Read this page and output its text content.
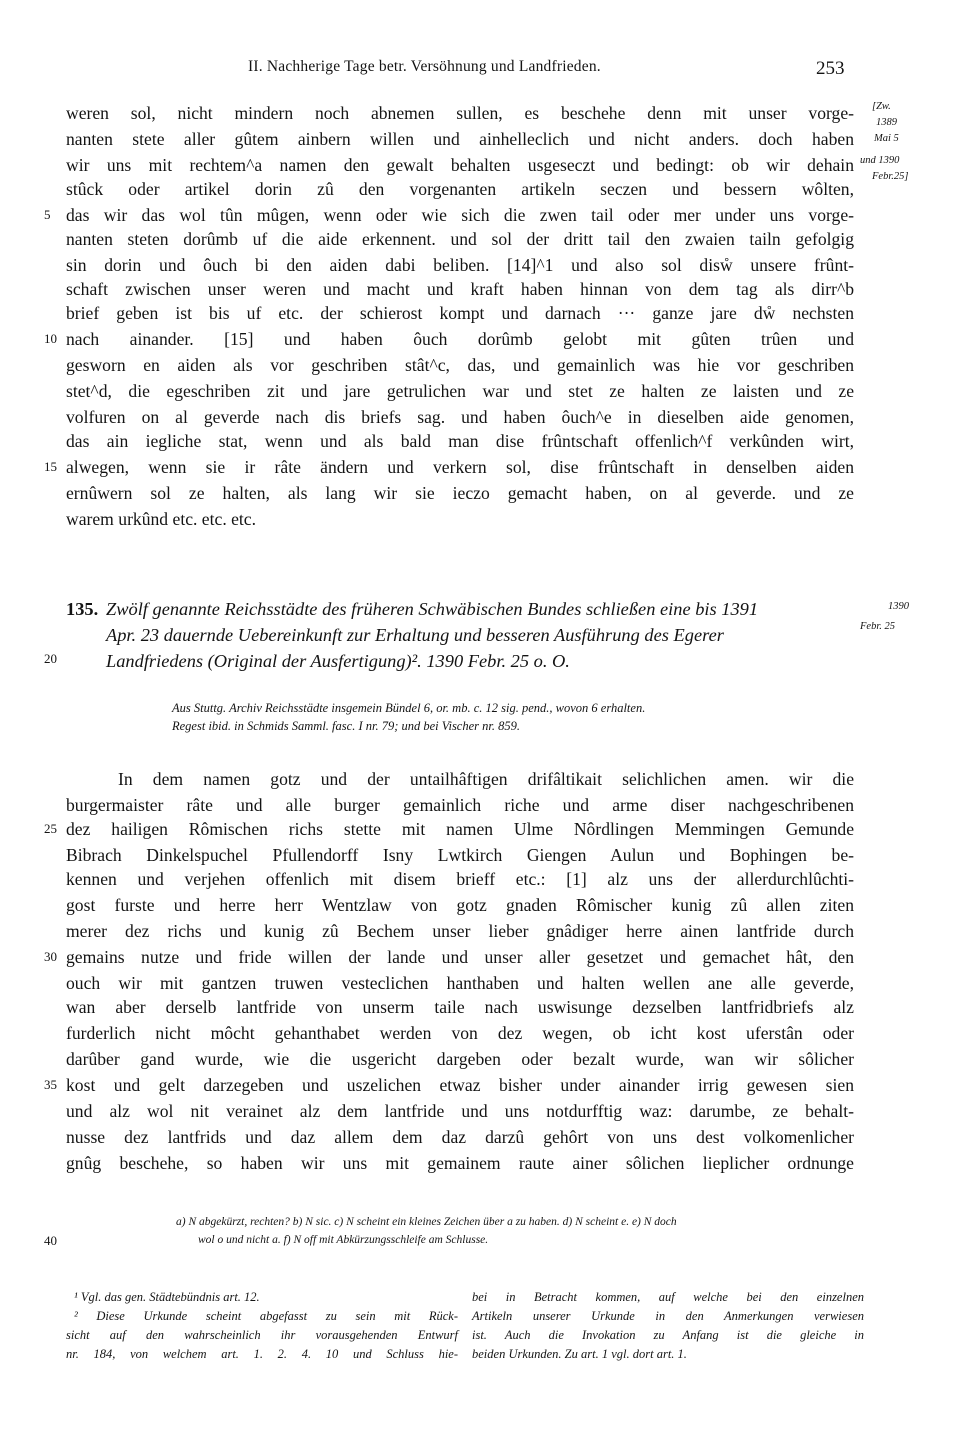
II. Nachherige Tage betr. Versöhnung und Landfrieden.	253
[Zw.
1389
Mai 5
und 1390
Febr.25]
5
10
15
20
25
30
35
40
weren sol, nicht mindern noch abnemen sullen, es beschehe denn mit unser vorge-
nanten stete aller gûtem ainbern willen und ainhelleclich und nicht anders. doch haben
wir uns mit rechtem^a namen den gewalt behalten usgeseczt und bedingt: ob wir dehain
stûck oder artikel dorin zû den vorgenanten artikeln seczen und bessern wôlten,
das wir das wol tûn mûgen, wenn oder wie sich die zwen tail oder mer under uns vorge-
nanten steten dorûmb uf die aide erkennent. und sol der dritt tail den zwaien tailn gefolgig
sin dorin und ôuch bi den aiden dabi beliben. [14]^1 und also sol disẘ unsere frûnt-
schaft zwischen unser weren und macht und kraft haben hinnan von dem tag als dirr^b
brief geben ist bis uf etc. der schierost kompt und darnach ··· ganze jare dẘ nechsten
nach ainander. [15] und haben ôuch dorûmb gelobt mit gûten trûen und
gesworn en aiden als vor geschriben stât^c, das, und gemainlich was hie vor geschriben
stet^d, die egeschriben zit und jare getrulichen war und stet ze halten ze laisten und ze
volfuren on al geverde nach dis briefs sag. und haben ôuch^e in dieselben aide genomen,
das ain iegliche stat, wenn und als bald man dise frûntschaft offenlich^f verkûnden wirt,
alwegen, wenn sie ir râte ändern und verkern sol, dise frûntschaft in denselben aiden
ernûwern sol ze halten, als lang wir sie ieczo gemacht haben, on al geverde. und ze
warem urkûnd etc. etc. etc.
135. Zwölf genannte Reichsstädte des früheren Schwäbischen Bundes schließen eine bis 1391
Apr. 23 dauernde Uebereinkunft zur Erhaltung und besseren Ausführung des Egerer
Landfriedens (Original der Ausfertigung)². 1390 Febr. 25 o. O.
1390
Febr. 25
Aus Stuttg. Archiv Reichsstädte insgemein Bündel 6, or. mb. c. 12 sig. pend., wovon 6 erhalten.
Regest ibid. in Schmids Samml. fasc. I nr. 79; und bei Vischer nr. 859.
In dem namen gotz und der untailhâftigen drifâltikait selichlichen amen. wir die
burgermaister râte und alle burger gemainlich riche und arme diser nachgeschribenen
dez hailigen Rômischen richs stette mit namen Ulme Nôrdlingen Memmingen Gemunde
Bibrach Dinkelspuchel Pfullendorff Isny Lwtkirch Giengen Aulun und Bophingen be-
kennen und verjehen offenlich mit disem brieff etc.: [1] alz uns der allerdurchlûchti-
gost furste und herre herr Wentzlaw von gotz gnaden Rômischer kunig zû allen ziten
merer dez richs und kunig zû Bechem unser lieber gnâdiger herre ainen lantfride durch
gemains nutze und fride willen der lande und unser aller gesetzet und gemachet hât, den
ouch wir mit gantzen truwen vesteclichen hanthaben und halten wellen ane alle geverde,
wan aber derselb lantfride von unserm taile nach uswisunge dezselben lantfridbriefs alz
furderlich nicht môcht gehanthabet werden von dez wegen, ob icht kost uferstân oder
darûber gand wurde, wie die usgericht dargeben oder bezalt wurde, wan wir sôlicher
kost und gelt darzegeben und uszelichen etwaz bisher under ainander irrig gewesen sien
und alz wol nit verainet alz dem lantfride und uns notdurfftig waz: darumbe, ze behalt-
nusse dez lantfrids und daz allem dem daz darzû gehôrt von uns dest volkomenlicher
gnûg beschehe, so haben wir uns mit gemainem raute ainer sôlichen lieplicher ordnunge
a) N abgekürzt, rechten? b) N sic. c) N scheint ein kleines Zeichen über a zu haben. d) N scheint e. e) N doch
wol o und nicht a. f) N off mit Abkürzungsschleife am Schlusse.
¹ Vgl. das gen. Städtebündnis art. 12.
² Diese Urkunde scheint abgefasst zu sein mit Rück-
sicht auf den wahrscheinlich ihr vorausgehenden Entwurf
nr. 184, von welchem art. 1. 2. 4. 10 und Schluss hie-
bei in Betracht kommen, auf welche bei den einzelnen
Artikeln unserer Urkunde in den Anmerkungen verwiesen
ist. Auch die Invokation zu Anfang ist die gleiche in
beiden Urkunden. Zu art. 1 vgl. dort art. 1.
